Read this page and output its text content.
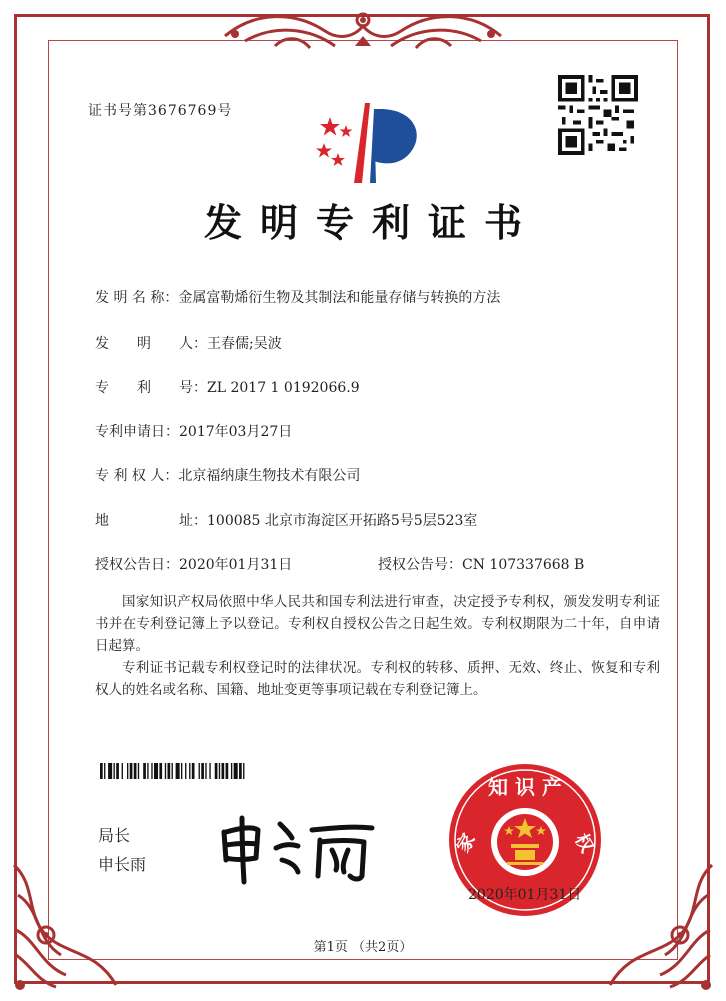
证书号第3676769号
发明专利证书
发 明 名 称：金属富勒烯衍生物及其制法和能量存储与转换的方法
发　　明　　人：王春儒;吴波
专　　利　　号：ZL 2017 1 0192066.9
专利申请日：2017年03月27日
专 利 权 人：北京福纳康生物技术有限公司
地　　　　　址：100085 北京市海淀区开拓路5号5层523室
授权公告日：2020年01月31日	授权公告号：CN 107337668 B

国家知识产权局依照中华人民共和国专利法进行审查，决定授予专利权，颁发发明专利证书并在专利登记簿上予以登记。专利权自授权公告之日起生效。专利权期限为二十年，自申请日起算。

专利证书记载专利权登记时的法律状况。专利权的转移、质押、无效、终止、恢复和专利权人的姓名或名称、国籍、地址变更等事项记载在专利登记簿上。

局长
申长雨
知 识 产
家	权
2020年01月31日
第1页 （共2页）
